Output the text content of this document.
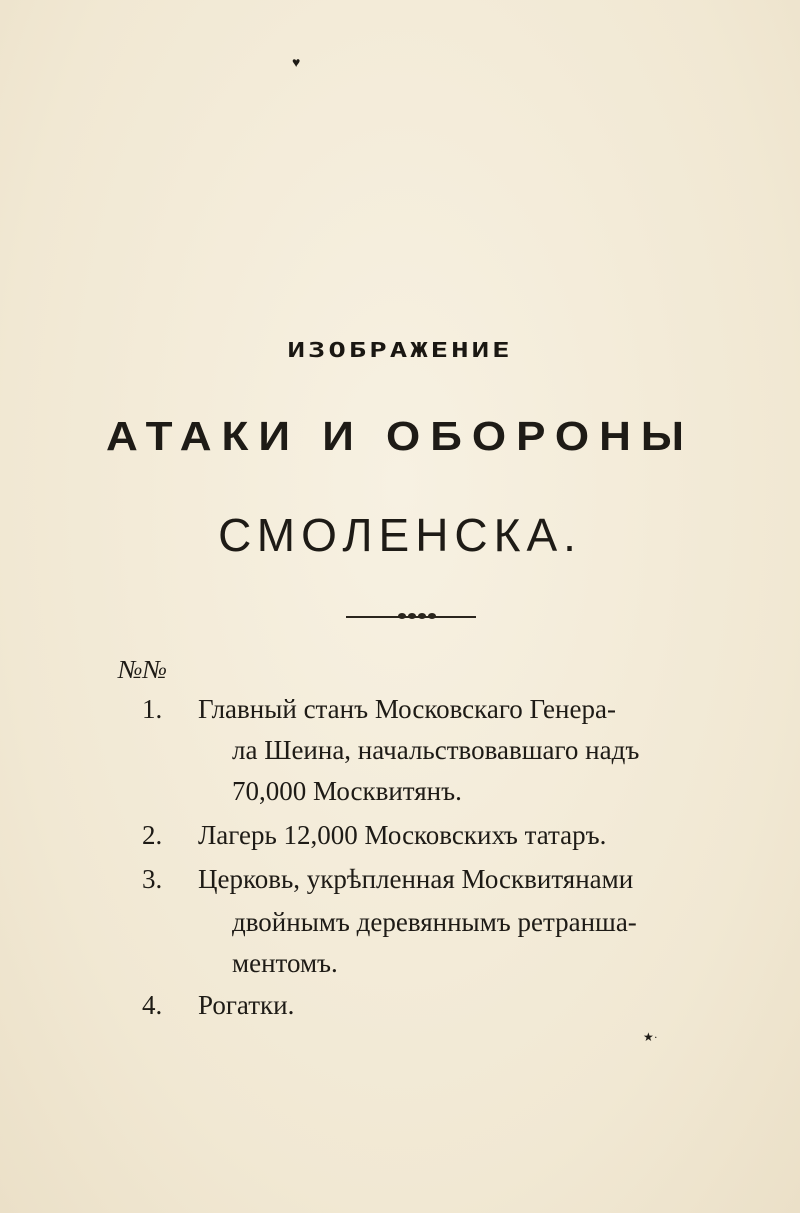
♥
ИЗОБРАЖЕНИЕ
АТАКИ И ОБОРОНЫ
СМОЛЕНСКА.
№№
1. Главный станъ Московскаго Генера-
ла Шеина, начальствовавшаго надъ
70,000 Москвитянъ.
2. Лагерь 12,000 Московскихъ татаръ.
3. Церковь, укрѣпленная Москвитянами
двойнымъ деревяннымъ ретранша-
ментомъ.
4. Рогатки.
★·
